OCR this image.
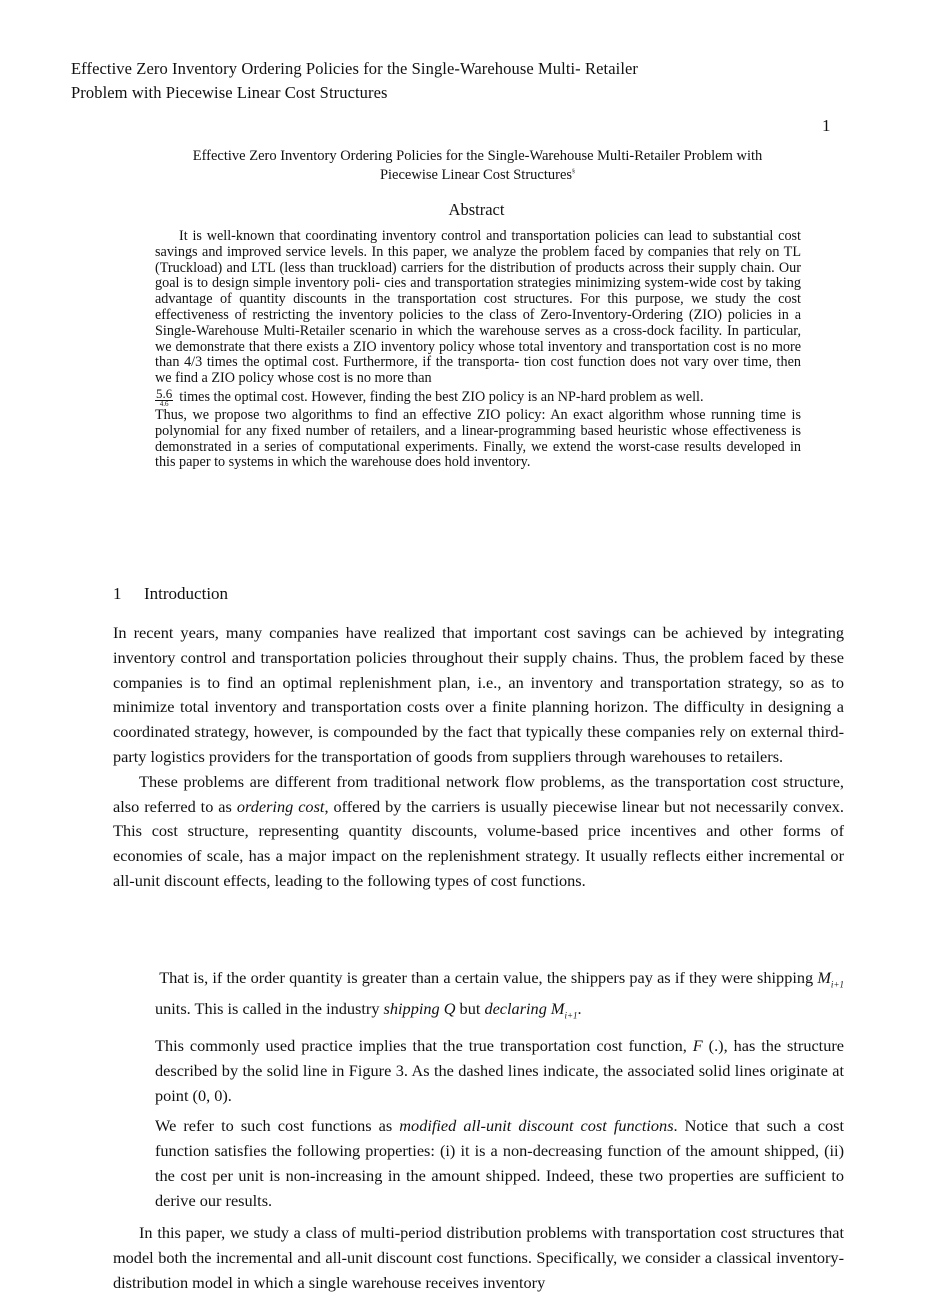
Effective Zero Inventory Ordering Policies for the Single-Warehouse Multi- Retailer
Problem with Piecewise Linear Cost Structures
1
Effective Zero Inventory Ordering Policies for the Single-Warehouse Multi-Retailer Problem with
Piecewise Linear Cost Structures§
Abstract

It is well-known that coordinating inventory control and transportation policies can lead to substantial cost savings and improved service levels. In this paper, we analyze the problem faced by companies that rely on TL (Truckload) and LTL (less than truckload) carriers for the distribution of products across their supply chain. Our goal is to design simple inventory poli- cies and transportation strategies minimizing system-wide cost by taking advantage of quantity discounts in the transportation cost structures. For this purpose, we study the cost effectiveness of restricting the inventory policies to the class of Zero-Inventory-Ordering (ZIO) policies in a Single-Warehouse Multi-Retailer scenario in which the warehouse serves as a cross-dock facility. In particular, we demonstrate that there exists a ZIO inventory policy whose total inventory and transportation cost is no more than 4/3 times the optimal cost. Furthermore, if the transporta- tion cost function does not vary over time, then we find a ZIO policy whose cost is no more than

$\frac{5.6}{4.6}$ times the optimal cost. However, finding the best ZIO policy is an NP-hard problem as well.

Thus, we propose two algorithms to find an effective ZIO policy: An exact algorithm whose running time is polynomial for any fixed number of retailers, and a linear-programming based heuristic whose effectiveness is demonstrated in a series of computational experiments. Finally, we extend the worst-case results developed in this paper to systems in which the warehouse does hold inventory.

1 Introduction

In recent years, many companies have realized that important cost savings can be achieved by integrating inventory control and transportation policies throughout their supply chains. Thus, the problem faced by these companies is to find an optimal replenishment plan, i.e., an inventory and transportation strategy, so as to minimize total inventory and transportation costs over a finite planning horizon. The difficulty in designing a coordinated strategy, however, is compounded by the fact that typically these companies rely on external third-party logistics providers for the transportation of goods from suppliers through warehouses to retailers.

These problems are different from traditional network flow problems, as the transportation cost structure, also referred to as ordering cost, offered by the carriers is usually piecewise linear but not necessarily convex. This cost structure, representing quantity discounts, volume-based price incentives and other forms of economies of scale, has a major impact on the replenishment strategy. It usually reflects either incremental or all-unit discount effects, leading to the following types of cost functions.

That is, if the order quantity is greater than a certain value, the shippers pay as if they were shipping $M_{i+1}$ units. This is called in the industry shipping Q but declaring $M_{i+1}$.

This commonly used practice implies that the true transportation cost function, F (.), has the structure described by the solid line in Figure 3. As the dashed lines indicate, the associated solid lines originate at point (0, 0).

We refer to such cost functions as modified all-unit discount cost functions. Notice that such a cost function satisfies the following properties: (i) it is a non-decreasing function of the amount shipped, (ii) the cost per unit is non-increasing in the amount shipped. Indeed, these two properties are sufficient to derive our results.

In this paper, we study a class of multi-period distribution problems with transportation cost structures that model both the incremental and all-unit discount cost functions. Specifically, we consider a classical inventory-distribution model in which a single warehouse receives inventory
